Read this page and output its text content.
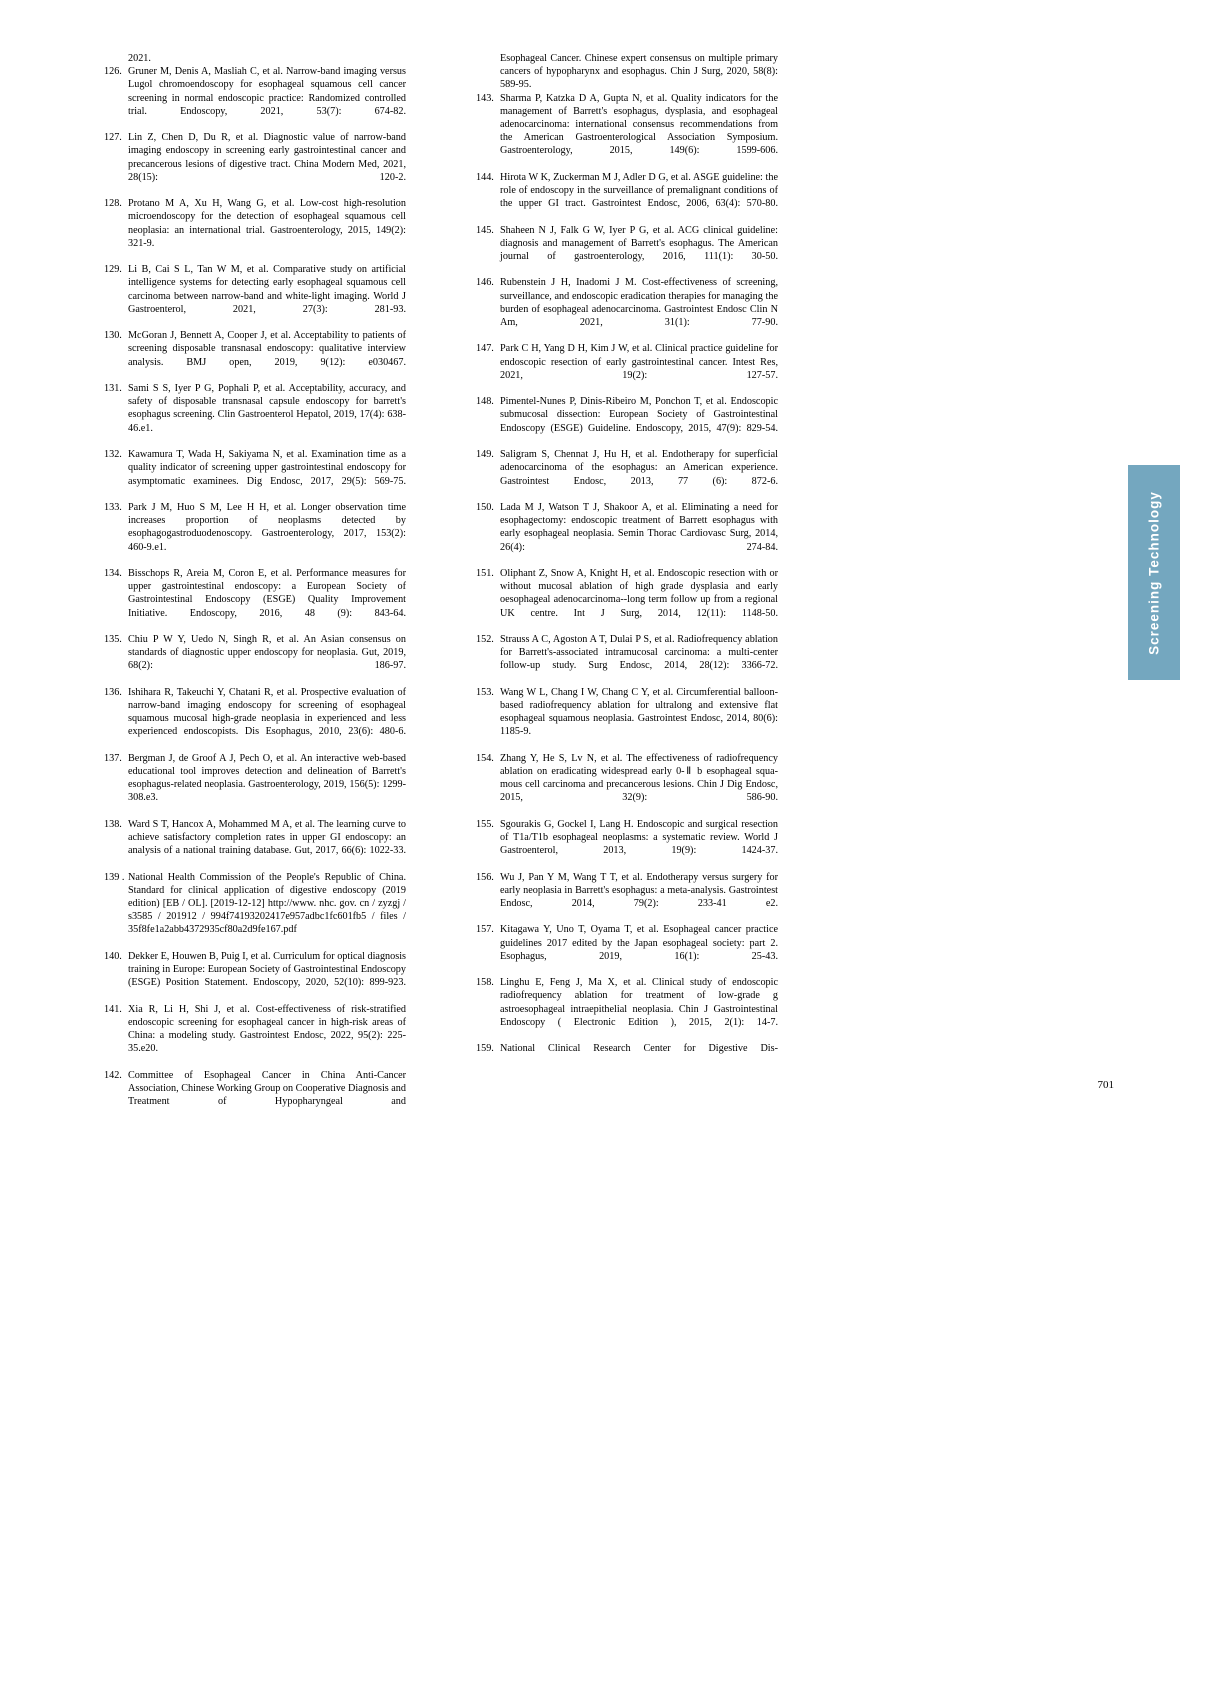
2021.

126. Gruner M, Denis A, Masliah C, et al. Narrow-band imaging versus Lugol chromoendoscopy for esophageal squamous cell cancer screening in normal endoscopic practice: Randomized controlled trial. Endoscopy, 2021, 53(7): 674-82.
127. Lin Z, Chen D, Du R, et al. Diagnostic value of narrow-band imaging endoscopy in screening early gastrointestinal cancer and precancerous lesions of digestive tract. China Modern Med, 2021, 28(15): 120-2.
128. Protano M A, Xu H, Wang G, et al. Low-cost high-resolution microendoscopy for the detection of esophageal squamous cell neoplasia: an international trial. Gastroenterology, 2015, 149(2): 321-9.
129. Li B, Cai S L, Tan W M, et al. Comparative study on artificial intelligence systems for detecting early esophageal squamous cell carcinoma between narrow-band and white-light imaging. World J Gastroenterol, 2021, 27(3): 281-93.
130. McGoran J, Bennett A, Cooper J, et al. Acceptability to patients of screening disposable transnasal endoscopy: qualitative interview analysis. BMJ open, 2019, 9(12): e030467.
131. Sami S S, Iyer P G, Pophali P, et al. Acceptability, accuracy, and safety of disposable transnasal capsule endoscopy for barrett's esophagus screening. Clin Gastroenterol Hepatol, 2019, 17(4): 638-46.e1.
132. Kawamura T, Wada H, Sakiyama N, et al. Examination time as a quality indicator of screening upper gastrointestinal endoscopy for asymptomatic examinees. Dig Endosc, 2017, 29(5): 569-75.
133. Park J M, Huo S M, Lee H H, et al. Longer observation time increases proportion of neoplasms detected by esophagogastroduodenoscopy. Gastroenterology, 2017, 153(2): 460-9.e1.
134. Bisschops R, Areia M, Coron E, et al. Performance measures for upper gastrointestinal endoscopy: a European Society of Gastrointestinal Endoscopy (ESGE) Quality Improvement Initiative. Endoscopy, 2016, 48 (9): 843-64.
135. Chiu P W Y, Uedo N, Singh R, et al. An Asian consensus on standards of diagnostic upper endoscopy for neoplasia. Gut, 2019, 68(2): 186-97.
136. Ishihara R, Takeuchi Y, Chatani R, et al. Prospective evaluation of narrow-band imaging endoscopy for screening of esophageal squamous mucosal high-grade neoplasia in experienced and less experienced endoscopists. Dis Esophagus, 2010, 23(6): 480-6.
137. Bergman J, de Groof A J, Pech O, et al. An interactive web-based educational tool improves detection and delineation of Barrett's esophagus-related neoplasia. Gastroenterology, 2019, 156(5): 1299-308.e3.
138. Ward S T, Hancox A, Mohammed M A, et al. The learning curve to achieve satisfactory completion rates in upper GI endoscopy: an analysis of a national training database. Gut, 2017, 66(6): 1022-33.
139 . National Health Commission of the People's Republic of China. Standard for clinical application of digestive endoscopy (2019 edition) [EB / OL]. [2019-12-12] http://www. nhc. gov. cn / zyzgj / s3585 / 201912 / 994f74193202417e957adbc1fc601fb5 / files / 35f8fe1a2abb4372935cf80a2d9fe167.pdf
140. Dekker E, Houwen B, Puig I, et al. Curriculum for optical diagnosis training in Europe: European Society of Gastrointestinal Endoscopy (ESGE) Position Statement. Endoscopy, 2020, 52(10): 899-923.
141. Xia R, Li H, Shi J, et al. Cost-effectiveness of risk-stratified endoscopic screening for esophageal cancer in high-risk areas of China: a modeling study. Gastrointest Endosc, 2022, 95(2): 225-35.e20.
142. Committee of Esophageal Cancer in China Anti-Cancer Association, Chinese Working Group on Cooperative Diagnosis and Treatment of Hypopharyngeal and

Esophageal Cancer. Chinese expert consensus on multiple primary cancers of hypopharynx and esophagus. Chin J Surg, 2020, 58(8): 589-95.

143. Sharma P, Katzka D A, Gupta N, et al. Quality indicators for the management of Barrett's esophagus, dysplasia, and esophageal adenocarcinoma: international consensus recommendations from the American Gastroenterological Association Symposium. Gastroenterology, 2015, 149(6): 1599-606.
144. Hirota W K, Zuckerman M J, Adler D G, et al. ASGE guideline: the role of endoscopy in the surveillance of premalignant conditions of the upper GI tract. Gastrointest Endosc, 2006, 63(4): 570-80.
145. Shaheen N J, Falk G W, Iyer P G, et al. ACG clinical guideline: diagnosis and management of Barrett's esophagus. The American journal of gastroenterology, 2016, 111(1): 30-50.
146. Rubenstein J H, Inadomi J M. Cost-effectiveness of screening, surveillance, and endoscopic eradication therapies for managing the burden of esophageal adenocarcinoma. Gastrointest Endosc Clin N Am, 2021, 31(1): 77-90.
147. Park C H, Yang D H, Kim J W, et al. Clinical practice guideline for endoscopic resection of early gastrointestinal cancer. Intest Res, 2021, 19(2): 127-57.
148. Pimentel-Nunes P, Dinis-Ribeiro M, Ponchon T, et al. Endoscopic submucosal dissection: European Society of Gastrointestinal Endoscopy (ESGE) Guideline. Endoscopy, 2015, 47(9): 829-54.
149. Saligram S, Chennat J, Hu H, et al. Endotherapy for superficial adenocarcinoma of the esophagus: an American experience. Gastrointest Endosc, 2013, 77 (6): 872-6.
150. Lada M J, Watson T J, Shakoor A, et al. Eliminating a need for esophagectomy: endoscopic treatment of Barrett esophagus with early esophageal neoplasia. Semin Thorac Cardiovasc Surg, 2014, 26(4): 274-84.
151. Oliphant Z, Snow A, Knight H, et al. Endoscopic resection with or without mucosal ablation of high grade dysplasia and early oesophageal adenocarcinoma--long term follow up from a regional UK centre. Int J Surg, 2014, 12(11): 1148-50.
152. Strauss A C, Agoston A T, Dulai P S, et al. Radiofrequency ablation for Barrett's-associated intramucosal carcinoma: a multi-center follow-up study. Surg Endosc, 2014, 28(12): 3366-72.
153. Wang W L, Chang I W, Chang C Y, et al. Circumferential balloon-based radiofrequency ablation for ultralong and extensive flat esophageal squamous neoplasia. Gastrointest Endosc, 2014, 80(6): 1185-9.
154. Zhang Y, He S, Lv N, et al. The effectiveness of radiofrequency ablation on eradicating widespread early 0-Ⅱ b esophageal squa-mous cell carcinoma and precancerous lesions. Chin J Dig Endosc, 2015, 32(9): 586-90.
155. Sgourakis G, Gockel I, Lang H. Endoscopic and surgical resection of T1a/T1b esophageal neoplasms: a systematic review. World J Gastroenterol, 2013, 19(9): 1424-37.
156. Wu J, Pan Y M, Wang T T, et al. Endotherapy versus surgery for early neoplasia in Barrett's esophagus: a meta-analysis. Gastrointest Endosc, 2014, 79(2): 233-41 e2.
157. Kitagawa Y, Uno T, Oyama T, et al. Esophageal cancer practice guidelines 2017 edited by the Japan esophageal society: part 2. Esophagus, 2019, 16(1): 25-43.
158. Linghu E, Feng J, Ma X, et al. Clinical study of endoscopic radiofrequency ablation for treatment of low-grade g astroesophageal intraepithelial neoplasia. Chin J Gastrointestinal Endoscopy ( Electronic Edition ), 2015, 2(1): 14-7.
159. National Clinical Research Center for Digestive Dis-
Screening Technology
701
